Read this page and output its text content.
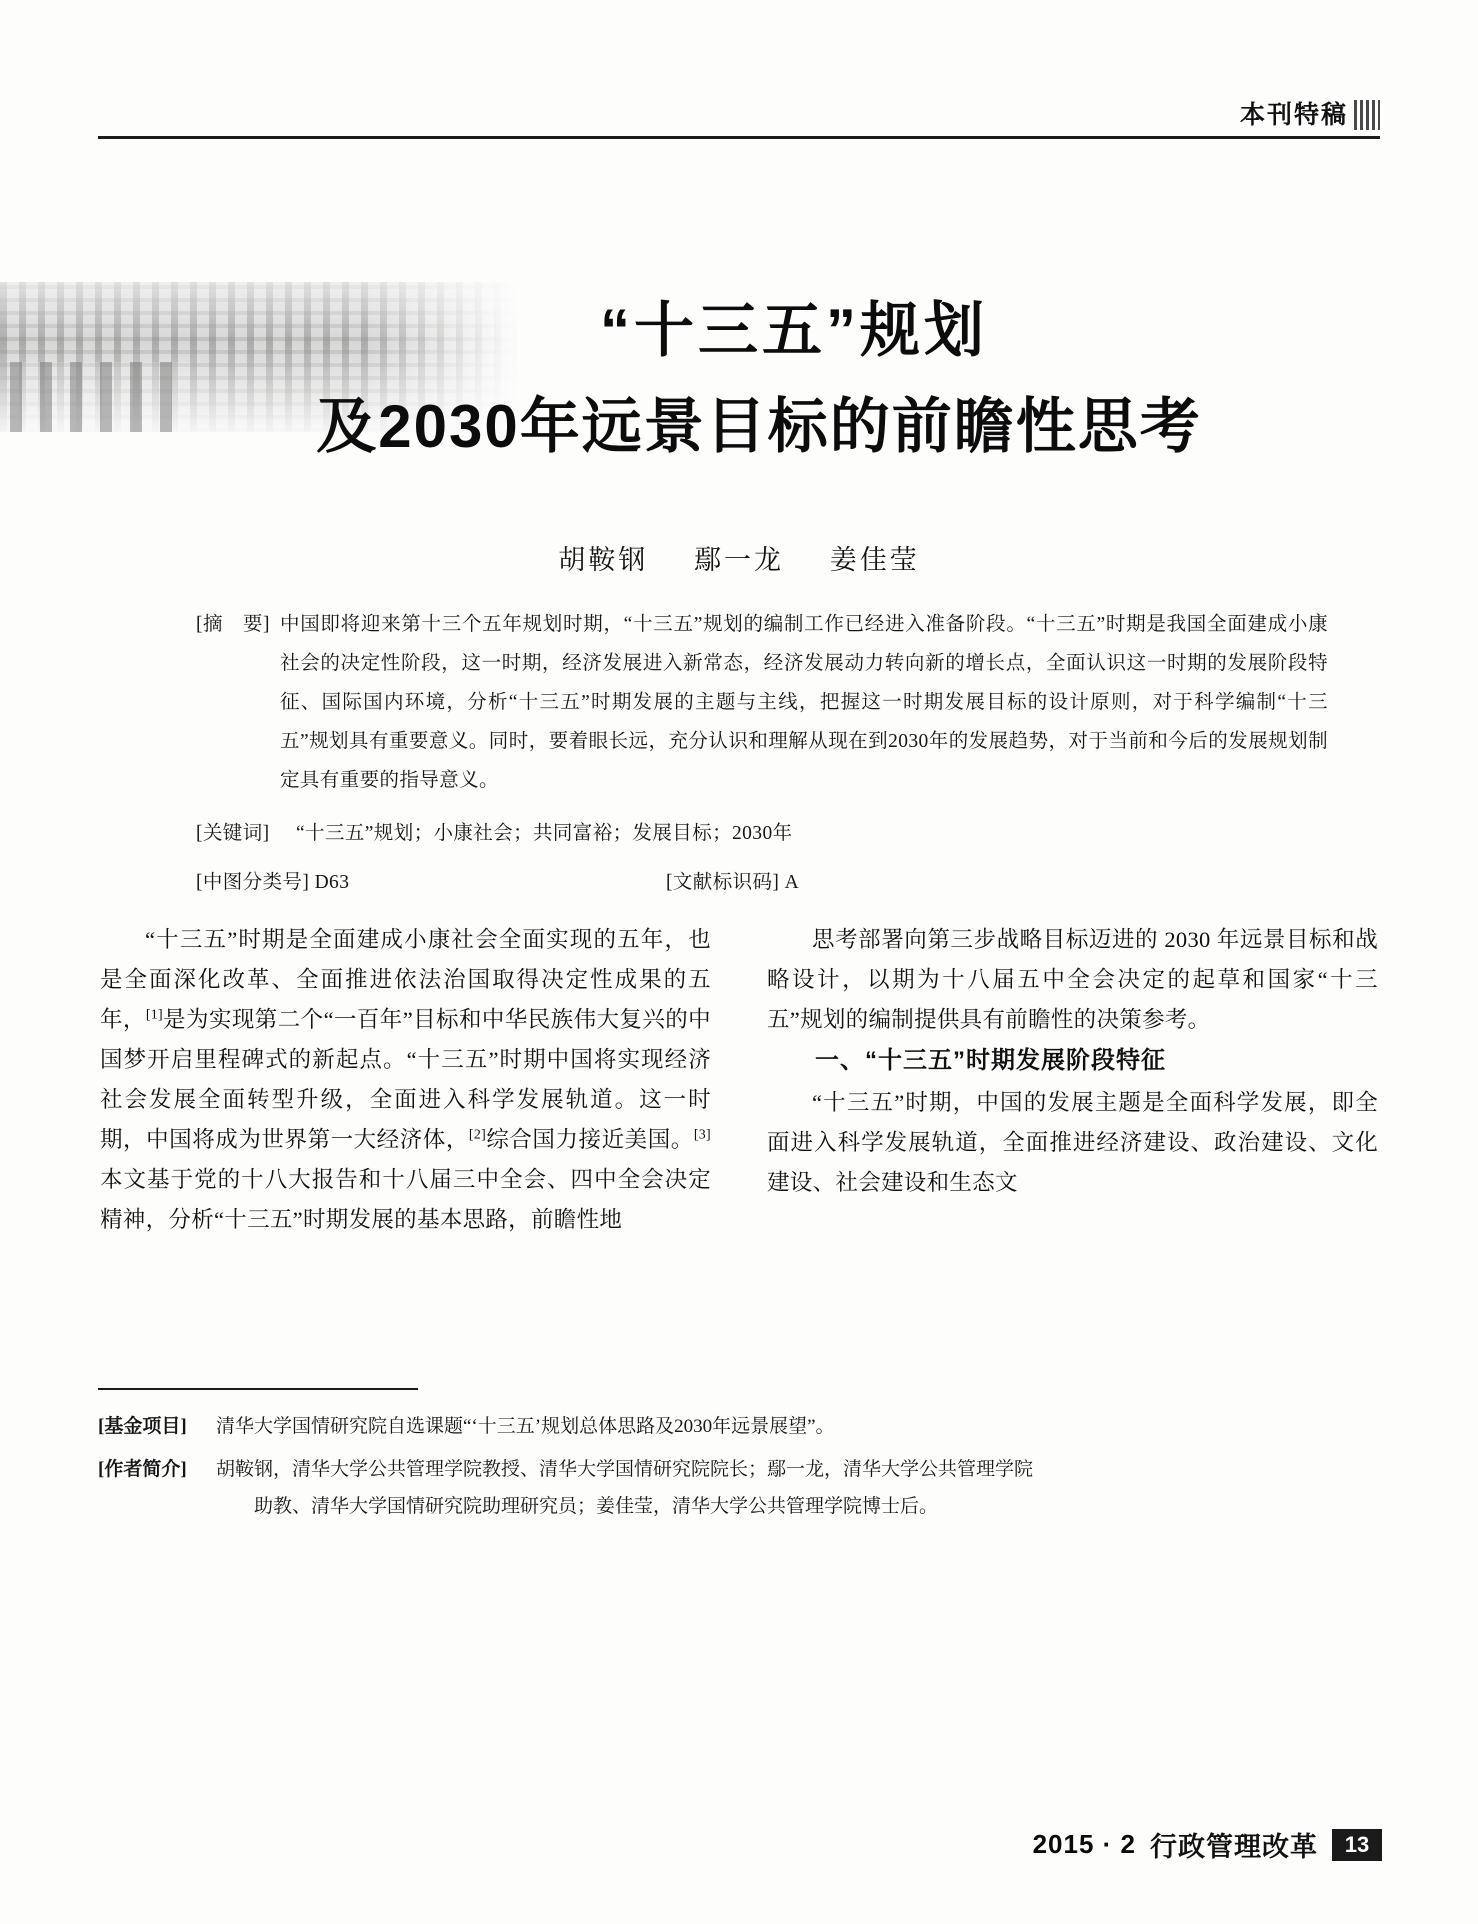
本刊特稿
“十三五”规划
及2030年远景目标的前瞻性思考
胡鞍钢 鄢一龙 姜佳莹
[摘　要] 中国即将迎来第十三个五年规划时期，“十三五”规划的编制工作已经进入准备阶段。“十三五”时期是我国全面建成小康社会的决定性阶段，这一时期，经济发展进入新常态，经济发展动力转向新的增长点，全面认识这一时期的发展阶段特征、国际国内环境，分析“十三五”时期发展的主题与主线，把握这一时期发展目标的设计原则，对于科学编制“十三五”规划具有重要意义。同时，要着眼长远，充分认识和理解从现在到2030年的发展趋势，对于当前和今后的发展规划制定具有重要的指导意义。
[关键词]	“十三五”规划；小康社会；共同富裕；发展目标；2030年
[中图分类号] D63	[文献标识码] A

“十三五”时期是全面建成小康社会全面实现的五年，也是全面深化改革、全面推进依法治国取得决定性成果的五年，[1]是为实现第二个“一百年”目标和中华民族伟大复兴的中国梦开启里程碑式的新起点。“十三五”时期中国将实现经济社会发展全面转型升级，全面进入科学发展轨道。这一时期，中国将成为世界第一大经济体，[2]综合国力接近美国。[3]本文基于党的十八大报告和十八届三中全会、四中全会决定精神，分析“十三五”时期发展的基本思路，前瞻性地

思考部署向第三步战略目标迈进的 2030 年远景目标和战略设计，以期为十八届五中全会决定的起草和国家“十三五”规划的编制提供具有前瞻性的决策参考。

一、“十三五”时期发展阶段特征

“十三五”时期，中国的发展主题是全面科学发展，即全面进入科学发展轨道，全面推进经济建设、政治建设、文化建设、社会建设和生态文

[基金项目]	清华大学国情研究院自选课题“‘十三五’规划总体思路及2030年远景展望”。
[作者简介]	胡鞍钢，清华大学公共管理学院教授、清华大学国情研究院院长；鄢一龙，清华大学公共管理学院
助教、清华大学国情研究院助理研究员；姜佳莹，清华大学公共管理学院博士后。
2015 · 2 行政管理改革	13
